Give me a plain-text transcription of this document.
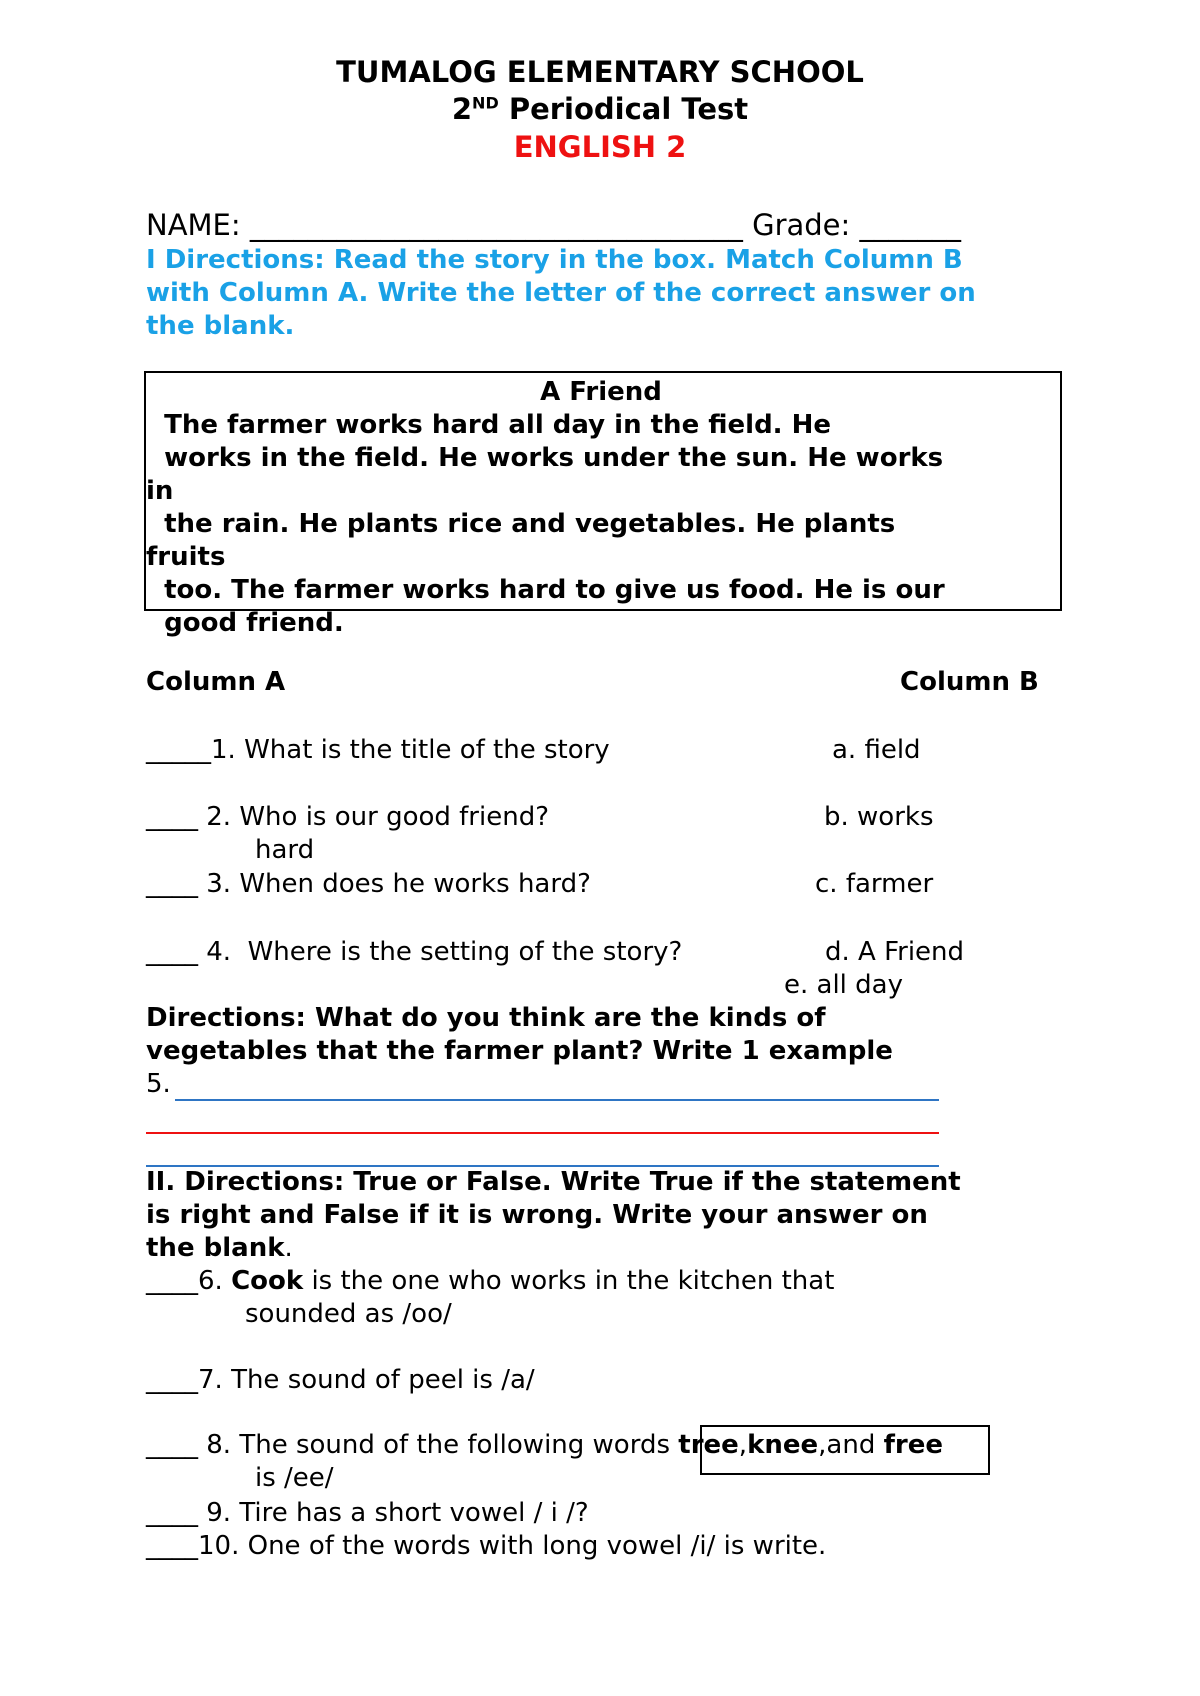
TUMALOG ELEMENTARY SCHOOL
2ND Periodical Test
ENGLISH 2
NAME: __________________________________ Grade: _______
I Directions: Read the story in the box. Match Column B
with Column A. Write the letter of the correct answer on
the blank.
A Friend
The farmer works hard all day in the field. He
works in the field. He works under the sun. He works
in
the rain. He plants rice and vegetables. He plants
fruits
too. The farmer works hard to give us food. He is our
good friend.
Column A	Column B
_____1. What is the title of the story
____ 2. Who is our good friend?
____ 3. When does he works hard?
____ 4.  Where is the setting of the story?
a. field
b. works
hard
c. farmer
d. A Friend
e. all day
Directions: What do you think are the kinds of
vegetables that the farmer plant? Write 1 example
5.
II. Directions: True or False. Write True if the statement
is right and False if it is wrong. Write your answer on
the blank.
____6. Cook is the one who works in the kitchen that
sounded as /oo/
____7. The sound of peel is /a/
____ 8. The sound of the following words tree,knee,and free
is /ee/
____ 9. Tire has a short vowel / i /?
____10. One of the words with long vowel /i/ is write.
